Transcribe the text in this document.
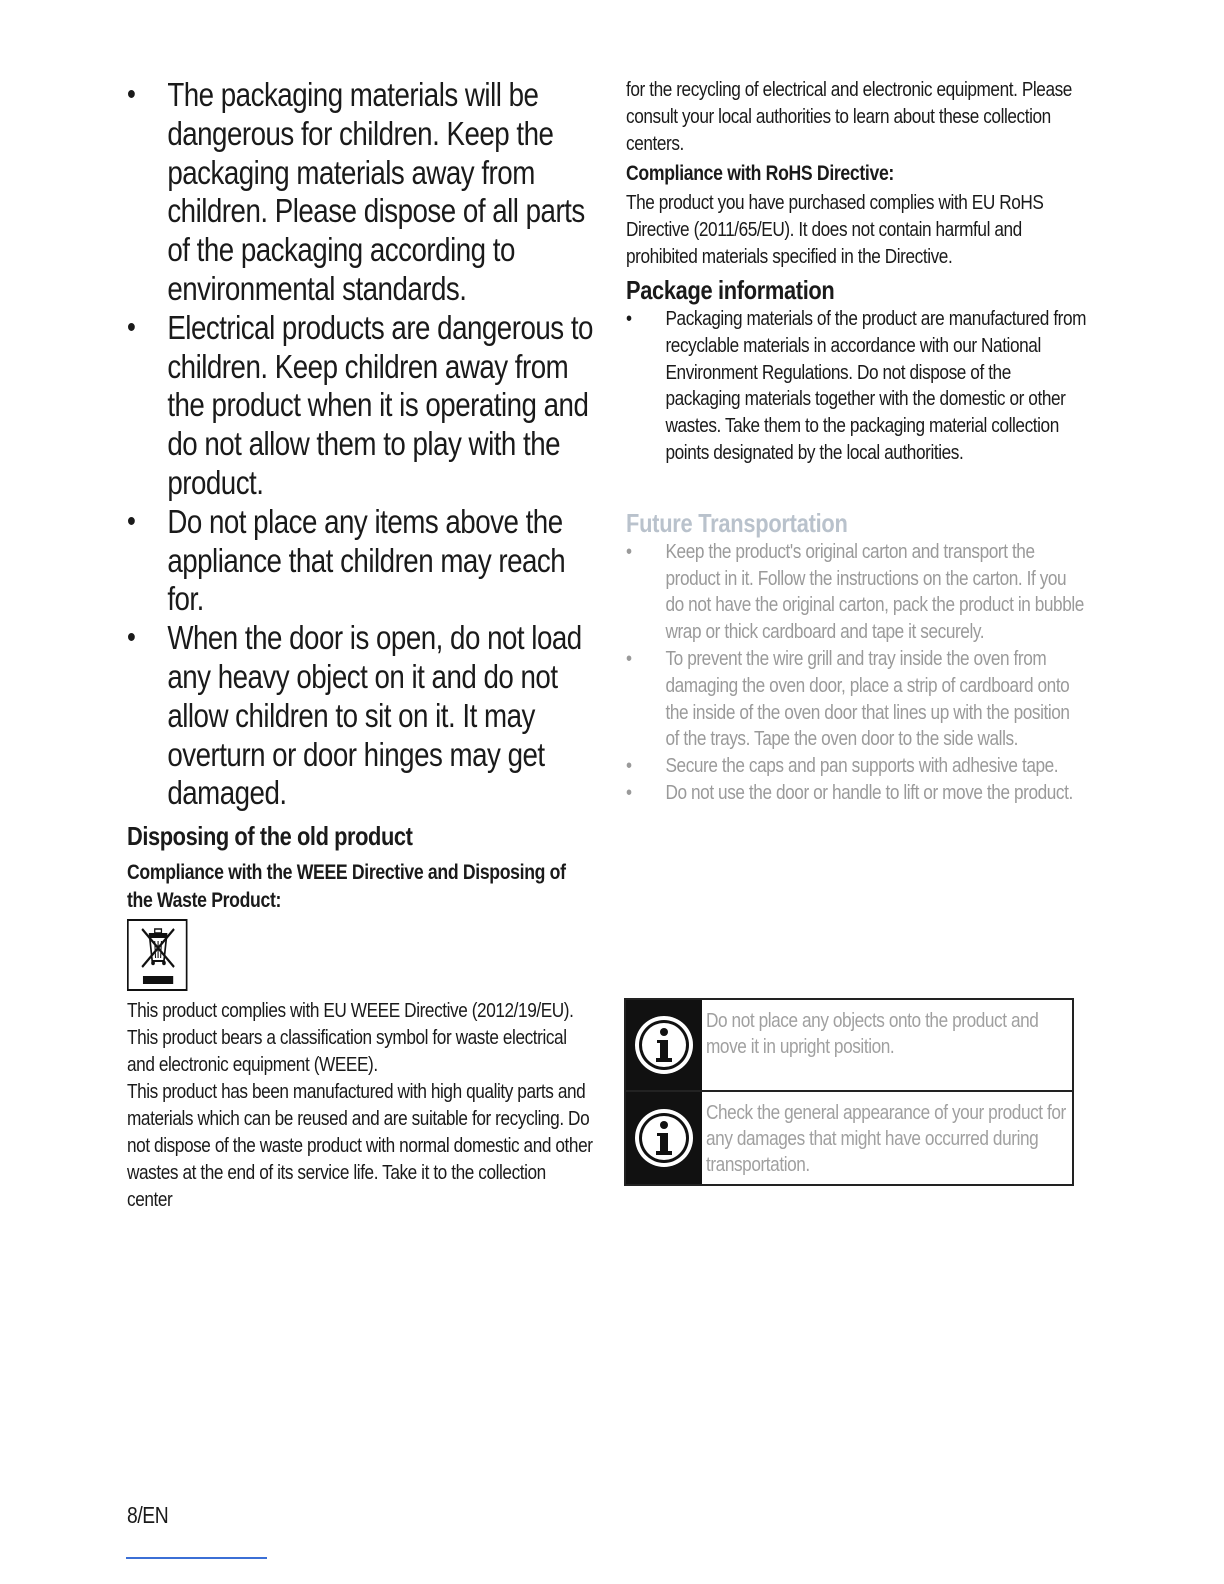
• The packaging materials will be dangerous for children. Keep the packaging materials away from children. Please dispose of all parts of the packaging according to environmental standards.
• Electrical products are dangerous to children. Keep children away from the product when it is operating and do not allow them to play with the product.
• Do not place any items above the appliance that children may reach for.
• When the door is open, do not load any heavy object on it and do not allow children to sit on it. It may overturn or door hinges may get damaged.
Disposing of the old product
Compliance with the WEEE Directive and Disposing of the Waste Product:
This product complies with EU WEEE Directive (2012/19/EU). This product bears a classification symbol for waste electrical and electronic equipment (WEEE).
This product has been manufactured with high quality parts and materials which can be reused and are suitable for recycling. Do not dispose of the waste product with normal domestic and other wastes at the end of its service life. Take it to the collection center
for the recycling of electrical and electronic equipment. Please consult your local authorities to learn about these collection centers.
Compliance with RoHS Directive:
The product you have purchased complies with EU RoHS Directive (2011/65/EU). It does not contain harmful and prohibited materials specified in the Directive.
Package information
• Packaging materials of the product are manufactured from recyclable materials in accordance with our National Environment Regulations. Do not dispose of the packaging materials together with the domestic or other wastes. Take them to the packaging material collection points designated by the local authorities.
Future Transportation
• Keep the product's original carton and transport the product in it. Follow the instructions on the carton. If you do not have the original carton, pack the product in bubble wrap or thick cardboard and tape it securely.
• To prevent the wire grill and tray inside the oven from damaging the oven door, place a strip of cardboard onto the inside of the oven door that lines up with the position of the trays. Tape the oven door to the side walls.
• Secure the caps and pan supports with adhesive tape.
• Do not use the door or handle to lift or move the product.
Do not place any objects onto the product and move it in upright position.
Check the general appearance of your product for any damages that might have occurred during transportation.
8/EN
